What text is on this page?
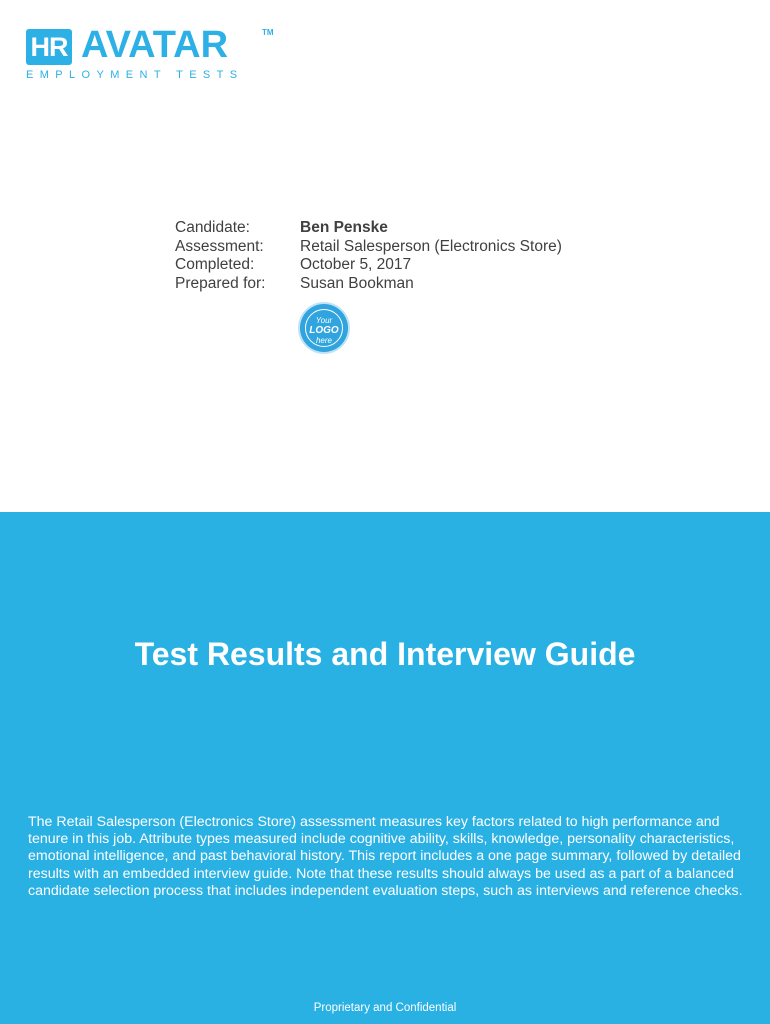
HR AVATAR	TM
EMPLOYMENT TESTS
Candidate:	Ben Penske
Assessment: Retail Salesperson (Electronics Store)
Completed:	October 5, 2017
Prepared for: Susan Bookman
Your
LOGO
here
Test Results and Interview Guide
The Retail Salesperson (Electronics Store) assessment measures key factors related to high performance and tenure in this job. Attribute types measured include cognitive ability, skills, knowledge, personality characteristics, emotional intelligence, and past behavioral history. This report includes a one page summary, followed by detailed results with an embedded interview guide. Note that these results should always be used as a part of a balanced candidate selection process that includes independent evaluation steps, such as interviews and reference checks.
Proprietary and Confidential
